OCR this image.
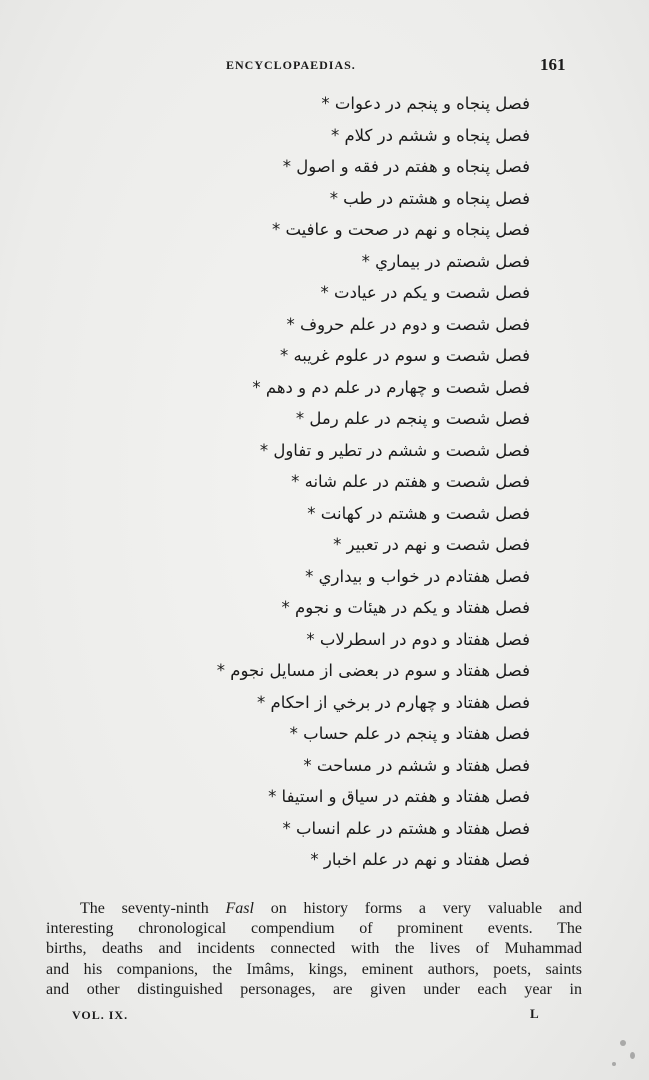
ENCYCLOPAEDIAS.	161
فصل پنجاه و پنجم در دعوات *
فصل پنجاه و ششم در کلام *
فصل پنجاه و هفتم در فقه و اصول *
فصل پنجاه و هشتم در طب *
فصل پنجاه و نهم در صحت و عافیت *
فصل شصتم در بیماري *
فصل شصت و یکم در عیادت *
فصل شصت و دوم در علم حروف *
فصل شصت و سوم در علوم غریبه *
فصل شصت و چهارم در علم دم و دهم *
فصل شصت و پنجم در علم رمل *
فصل شصت و ششم در تطیر و تفاول *
فصل شصت و هفتم در علم شانه *
فصل شصت و هشتم در کهانت *
فصل شصت و نهم در تعبیر *
فصل هفتادم در خواب و بیداري *
فصل هفتاد و یکم در هیئات و نجوم *
فصل هفتاد و دوم در اسطرلاب *
فصل هفتاد و سوم در بعضی از مسایل نجوم *
فصل هفتاد و چهارم در برخي از احکام *
فصل هفتاد و پنجم در علم حساب *
فصل هفتاد و ششم در مساحت *
فصل هفتاد و هفتم در سیاق و استیفا *
فصل هفتاد و هشتم در علم انساب *
فصل هفتاد و نهم در علم اخبار *

The seventy-ninth Fasl on history forms a very valuable and
interesting chronological compendium of prominent events. The
births, deaths and incidents connected with the lives of Muhammad
and his companions, the Imâms, kings, eminent authors, poets, saints
and other distinguished personages, are given under each year in

VOL. IX.	L
